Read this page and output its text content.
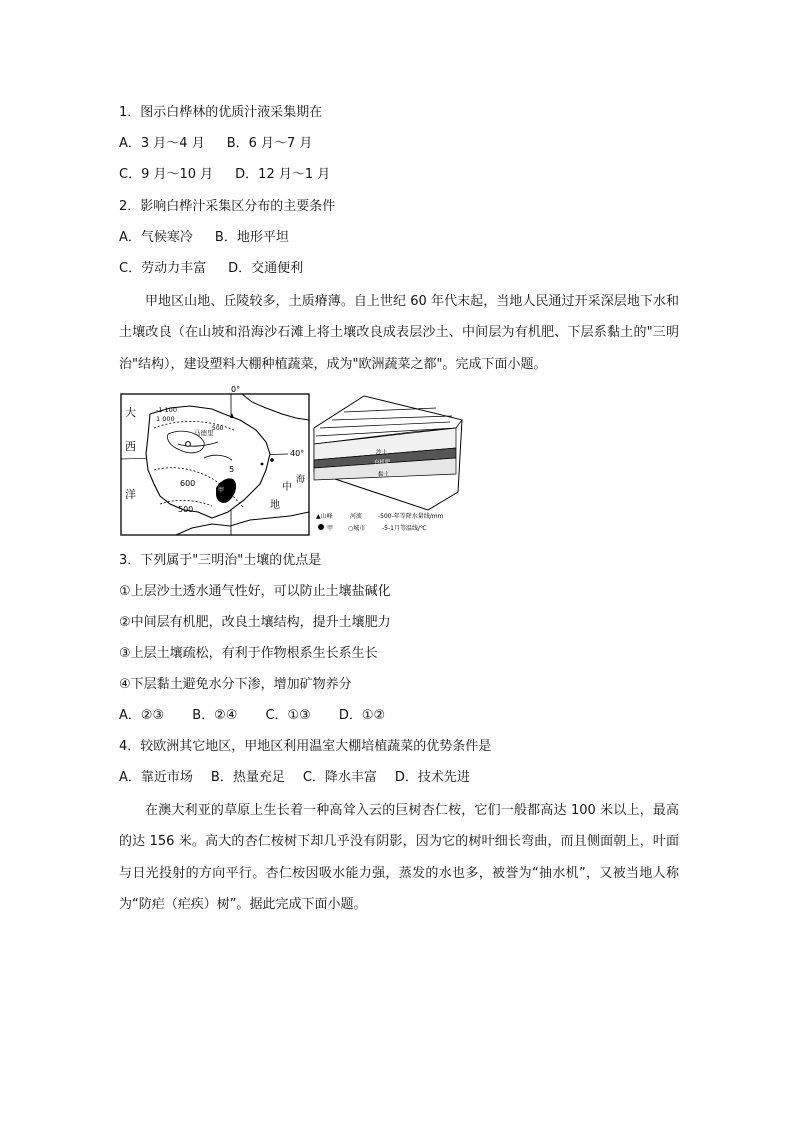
1．图示白桦林的优质汁液采集期在
A．3 月～4 月 B．6 月～7 月
C．9 月～10 月 D．12 月～1 月
2．影响白桦汁采集区分布的主要条件
A．气候寒冷 B．地形平坦
C．劳动力丰富 D．交通便利
甲地区山地、丘陵较多，土质瘠薄。自上世纪 60 年代末起，当地人民通过开采深层地下水和土壤改良（在山坡和沿海沙石滩上将土壤改良成表层沙土、中间层为有机肥、下层系黏土的"三明治"结构），建设塑料大棚种植蔬菜，成为"欧洲蔬菜之都"。完成下面小题。
0°
40°
马德里
大
西
洋
海
中
地
-1 100
1 000
600
500
5
500
甲
沙土
有机肥
黏土
▲山峰	河流	-500-年等降水量线/mm
甲 ○城市	-5-1月等温线/℃
3．下列属于"三明治"土壤的优点是
①上层沙土透水通气性好，可以防止土壤盐碱化
②中间层有机肥，改良土壤结构，提升土壤肥力
③上层土壤疏松，有利于作物根系生长系生长
④下层黏土避免水分下渗，增加矿物养分
A．②③ B．②④ C．①③ D．①②
4．较欧洲其它地区，甲地区利用温室大棚培植蔬菜的优势条件是
A．靠近市场 B．热量充足 C．降水丰富 D．技术先进
在澳大利亚的草原上生长着一种高耸入云的巨树杏仁桉，它们一般都高达 100 米以上，最高的达 156 米。高大的杏仁桉树下却几乎没有阴影，因为它的树叶细长弯曲，而且侧面朝上，叶面与日光投射的方向平行。杏仁桉因吸水能力强，蒸发的水也多，被誉为“抽水机”，又被当地人称为“防疟（疟疾）树”。据此完成下面小题。
